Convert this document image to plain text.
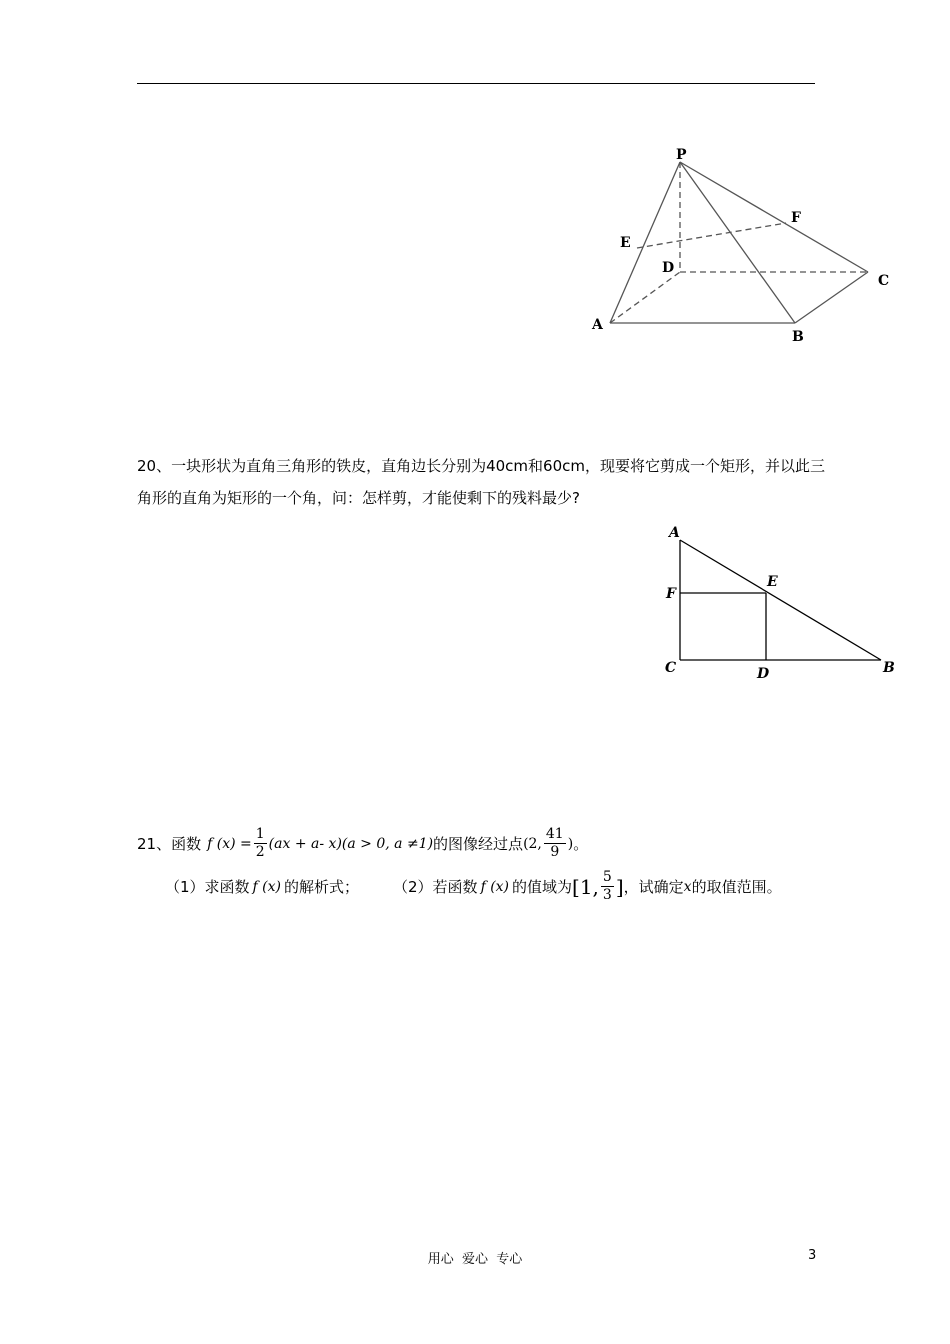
P
F
E
D
C
A
B
20、一块形状为直角三角形的铁皮，直角边长分别为40cm和60cm，现要将它剪成一个矩形，并以此三角形的直角为矩形的一个角，问：怎样剪，才能使剩下的残料最少?
A
F
E
C	D	B
21、函数 f $(x) = \frac{1}{2} (a$ x + a - x )(a > 0, a ≠1) 的图像经过点 (2, $\frac{41}{9}$ ) 。
（1）求函数 f (x) 的解析式； （2）若函数 f (x) 的值域为 [1, $\frac{5}{3}$ ] ，试确定 x 的取值范围。
用心  爱心  专心	3
